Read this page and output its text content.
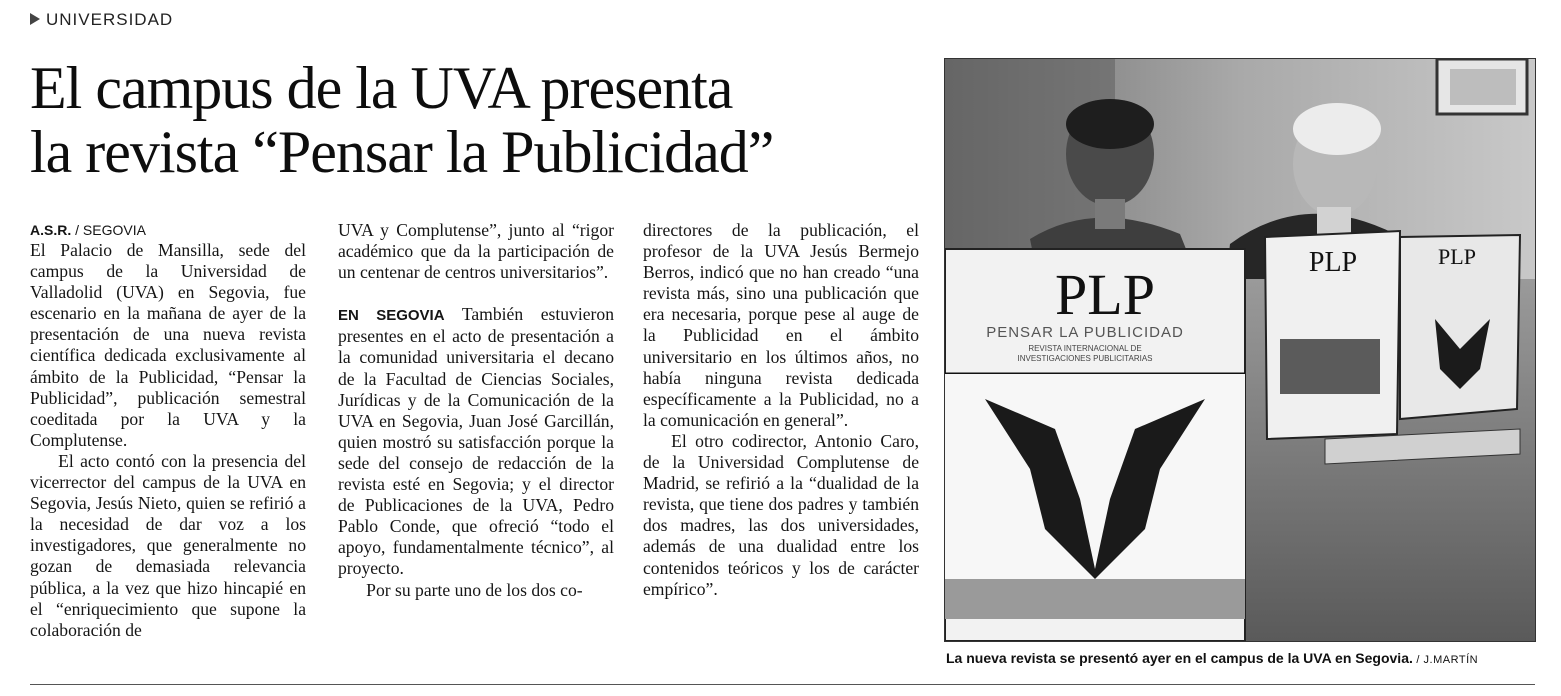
UNIVERSIDAD
El campus de la UVA presenta
la revista “Pensar la Publicidad”
A.S.R. / SEGOVIA

El Palacio de Mansilla, sede del campus de la Universidad de Valladolid (UVA) en Segovia, fue escenario en la mañana de ayer de la presentación de una nueva revista científica dedicada exclusivamente al ámbito de la Publicidad, “Pensar la Publicidad”, publicación semestral coeditada por la UVA y la Complutense.

El acto contó con la presencia del vicerrector del campus de la UVA en Segovia, Jesús Nieto, quien se refirió a la necesidad de dar voz a los investigadores, que generalmente no gozan de demasiada relevancia pública, a la vez que hizo hincapié en el “enriquecimiento que supone la colaboración de

UVA y Complutense”, junto al “rigor académico que da la participación de un centenar de centros universitarios”.

EN SEGOVIA También estuvieron presentes en el acto de presentación a la comunidad universitaria el decano de la Facultad de Ciencias Sociales, Jurídicas y de la Comunicación de la UVA en Segovia, Juan José Garcillán, quien mostró su satisfacción porque la sede del consejo de redacción de la revista esté en Segovia; y el director de Publicaciones de la UVA, Pedro Pablo Conde, que ofreció “todo el apoyo, fundamentalmente técnico”, al proyecto.

Por su parte uno de los dos co-

directores de la publicación, el profesor de la UVA Jesús Bermejo Berros, indicó que no han creado “una revista más, sino una publicación que era necesaria, porque pese al auge de la Publicidad en el ámbito universitario en los últimos años, no había ninguna revista dedicada específicamente a la Publicidad, no a la comunicación en general”.

El otro codirector, Antonio Caro, de la Universidad Complutense de Madrid, se refirió a la “dualidad de la revista, que tiene dos padres y también dos madres, las dos universidades, además de una dualidad entre los contenidos teóricos y los de carácter empírico”.

PLP
PENSAR LA PUBLICIDAD
REVISTA INTERNACIONAL DE
INVESTIGACIONES PUBLICITARIAS
PLP	PLP
La nueva revista se presentó ayer en el campus de la UVA en Segovia. / J.MARTÍN
